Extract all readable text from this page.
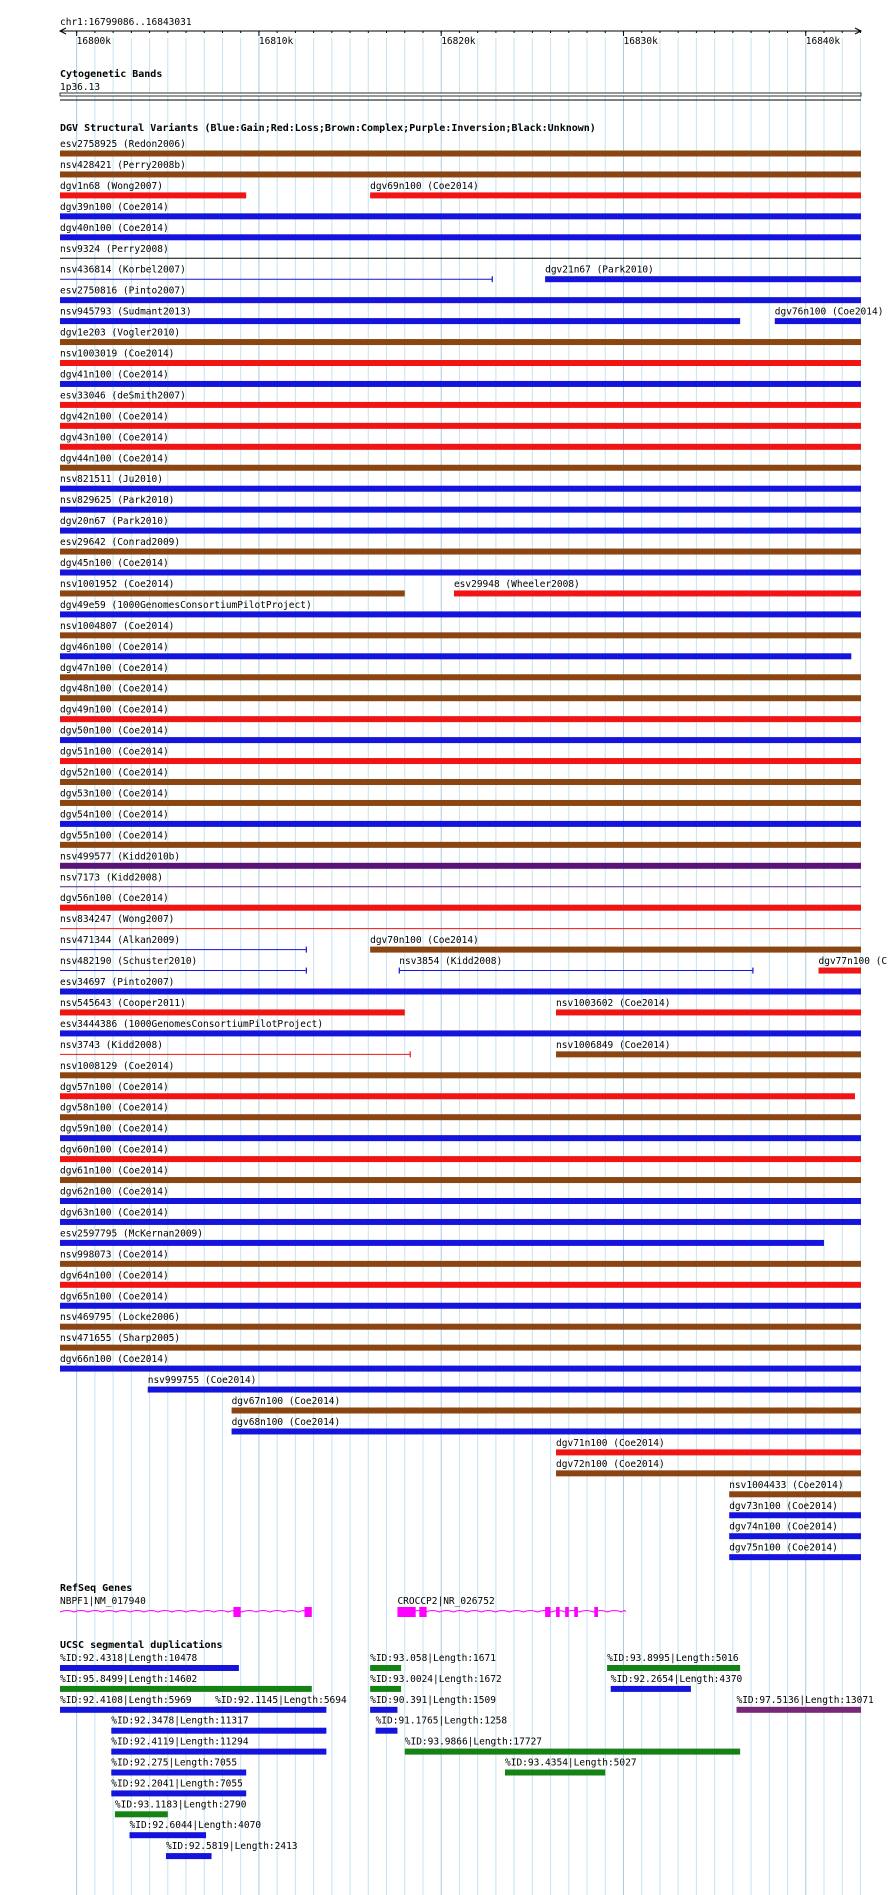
chr1:16799086..16843031
16800k	16810k	16820k	16830k	16840k
Cytogenetic Bands
1p36.13
DGV Structural Variants (Blue:Gain;Red:Loss;Brown:Complex;Purple:Inversion;Black:Unknown)
esv2758925 (Redon2006)
nsv428421 (Perry2008b)
dgv1n68 (Wong2007)	dgv69n100 (Coe2014)
dgv39n100 (Coe2014)
dgv40n100 (Coe2014)
nsv9324 (Perry2008)
nsv436814 (Korbel2007)	dgv21n67 (Park2010)
esv2750816 (Pinto2007)
nsv945793 (Sudmant2013)	dgv76n100 (Coe2014)
dgv1e203 (Vogler2010)
nsv1003019 (Coe2014)
dgv41n100 (Coe2014)
esv33046 (deSmith2007)
dgv42n100 (Coe2014)
dgv43n100 (Coe2014)
dgv44n100 (Coe2014)
nsv821511 (Ju2010)
nsv829625 (Park2010)
dgv20n67 (Park2010)
esv29642 (Conrad2009)
dgv45n100 (Coe2014)
nsv1001952 (Coe2014)	esv29948 (Wheeler2008)
dgv49e59 (1000GenomesConsortiumPilotProject)
nsv1004807 (Coe2014)
dgv46n100 (Coe2014)
dgv47n100 (Coe2014)
dgv48n100 (Coe2014)
dgv49n100 (Coe2014)
dgv50n100 (Coe2014)
dgv51n100 (Coe2014)
dgv52n100 (Coe2014)
dgv53n100 (Coe2014)
dgv54n100 (Coe2014)
dgv55n100 (Coe2014)
nsv499577 (Kidd2010b)
nsv7173 (Kidd2008)
dgv56n100 (Coe2014)
nsv834247 (Wong2007)
nsv471344 (Alkan2009)	dgv70n100 (Coe2014)
nsv482190 (Schuster2010)	nsv3854 (Kidd2008)	dgv77n100 (C
esv34697 (Pinto2007)
nsv545643 (Cooper2011)	nsv1003602 (Coe2014)
esv3444386 (1000GenomesConsortiumPilotProject)
nsv3743 (Kidd2008)	nsv1006849 (Coe2014)
nsv1008129 (Coe2014)
dgv57n100 (Coe2014)
dgv58n100 (Coe2014)
dgv59n100 (Coe2014)
dgv60n100 (Coe2014)
dgv61n100 (Coe2014)
dgv62n100 (Coe2014)
dgv63n100 (Coe2014)
esv2597795 (McKernan2009)
nsv998073 (Coe2014)
dgv64n100 (Coe2014)
dgv65n100 (Coe2014)
nsv469795 (Locke2006)
nsv471655 (Sharp2005)
dgv66n100 (Coe2014)
nsv999755 (Coe2014)
dgv67n100 (Coe2014)
dgv68n100 (Coe2014)
dgv71n100 (Coe2014)
dgv72n100 (Coe2014)
nsv1004433 (Coe2014)
dgv73n100 (Coe2014)
dgv74n100 (Coe2014)
dgv75n100 (Coe2014)
RefSeq Genes
NBPF1|NM_017940	CROCCP2|NR_026752
UCSC segmental duplications
%ID:92.4318|Length:10478	%ID:93.058|Length:1671	%ID:93.8995|Length:5016
%ID:95.8499|Length:14602	%ID:93.0024|Length:1672	%ID:92.2654|Length:4370
%ID:92.4108|Length:5969 %ID:92.1145|Length:5694 %ID:90.391|Length:1509	%ID:97.5136|Length:13071
%ID:92.3478|Length:11317	%ID:91.1765|Length:1258
%ID:92.4119|Length:11294	%ID:93.9866|Length:17727
%ID:92.275|Length:7055	%ID:93.4354|Length:5027
%ID:92.2041|Length:7055
%ID:93.1183|Length:2790
%ID:92.6044|Length:4070
%ID:92.5819|Length:2413
